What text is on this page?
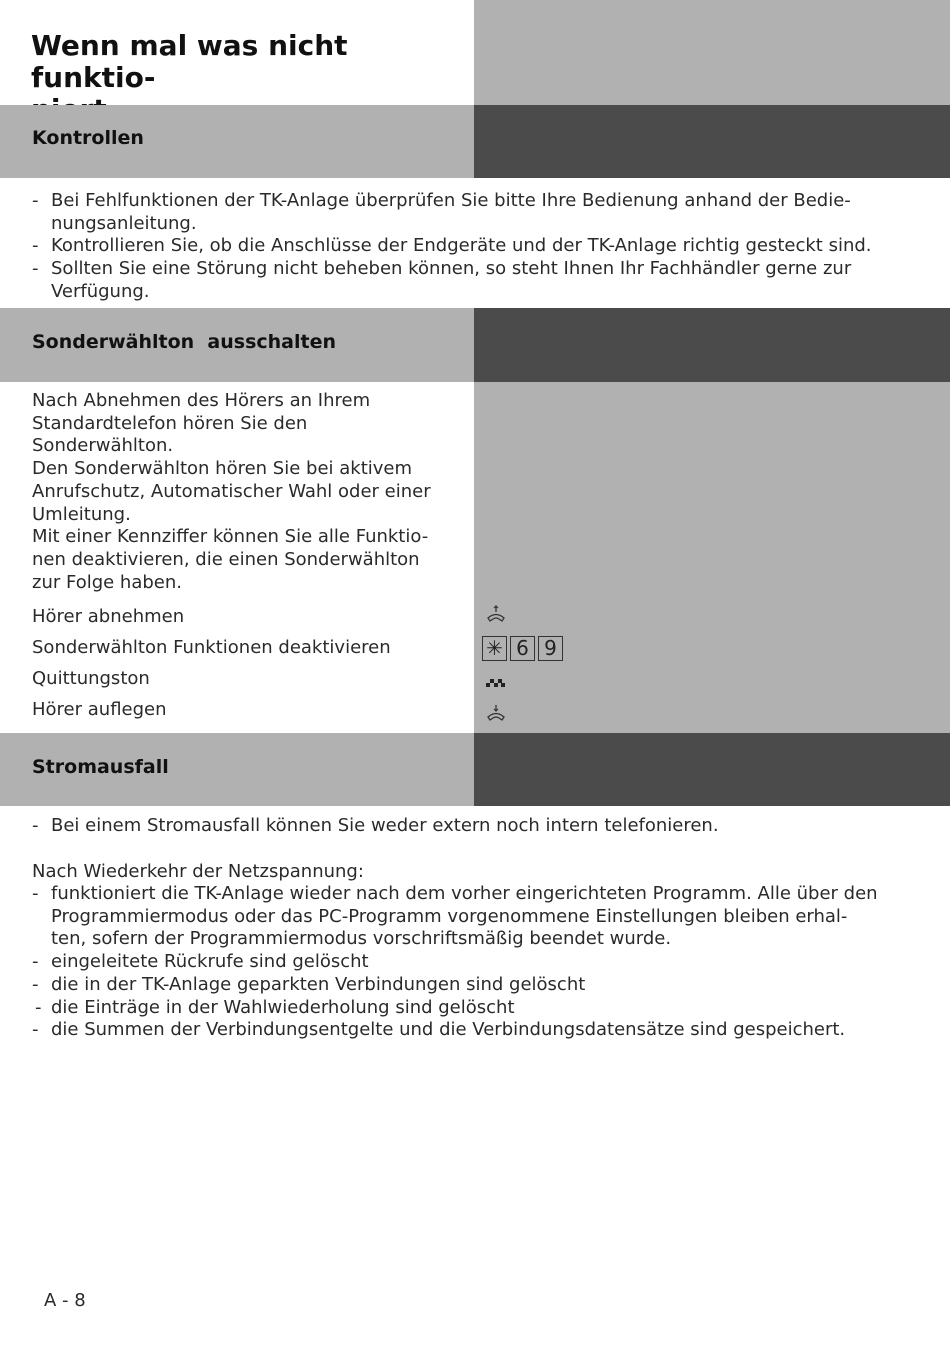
Wenn mal was nicht funktio-

Kontrollen
- Bei Fehlfunktionen der TK-Anlage überprüfen Sie bitte Ihre Bedienung anhand der Bedie-
nungsanleitung.
- Kontrollieren Sie, ob die Anschlüsse der Endgeräte und der TK-Anlage richtig gesteckt sind.
- Sollten Sie eine Störung nicht beheben können, so steht Ihnen Ihr Fachhändler gerne zur
Verfügung.
Sonderwählton  ausschalten

Nach Abnehmen des Hörers an Ihrem
Standardtelefon hören Sie den
Sonderwählton.
Den Sonderwählton hören Sie bei aktivem
Anrufschutz, Automatischer Wahl oder einer
Umleitung.
Mit einer Kennziffer können Sie alle Funktio-
nen deaktivieren, die einen Sonderwählton
zur Folge haben.

Hörer abnehmen
Sonderwählton Funktionen deaktivieren
Quittungston
Hörer auflegen
✳ 6 9
Stromausfall
- Bei einem Stromausfall können Sie weder extern noch intern telefonieren.
Nach Wiederkehr der Netzspannung:
- funktioniert die TK-Anlage wieder nach dem vorher eingerichteten Programm. Alle über den
Programmiermodus oder das PC-Programm vorgenommene Einstellungen bleiben erhal-
ten, sofern der Programmiermodus vorschriftsmäßig beendet wurde.
- eingeleitete Rückrufe sind gelöscht
- die in der TK-Anlage geparkten Verbindungen sind gelöscht
- die Einträge in der Wahlwiederholung sind gelöscht
- die Summen der Verbindungsentgelte und die Verbindungsdatensätze sind gespeichert.
A - 8
